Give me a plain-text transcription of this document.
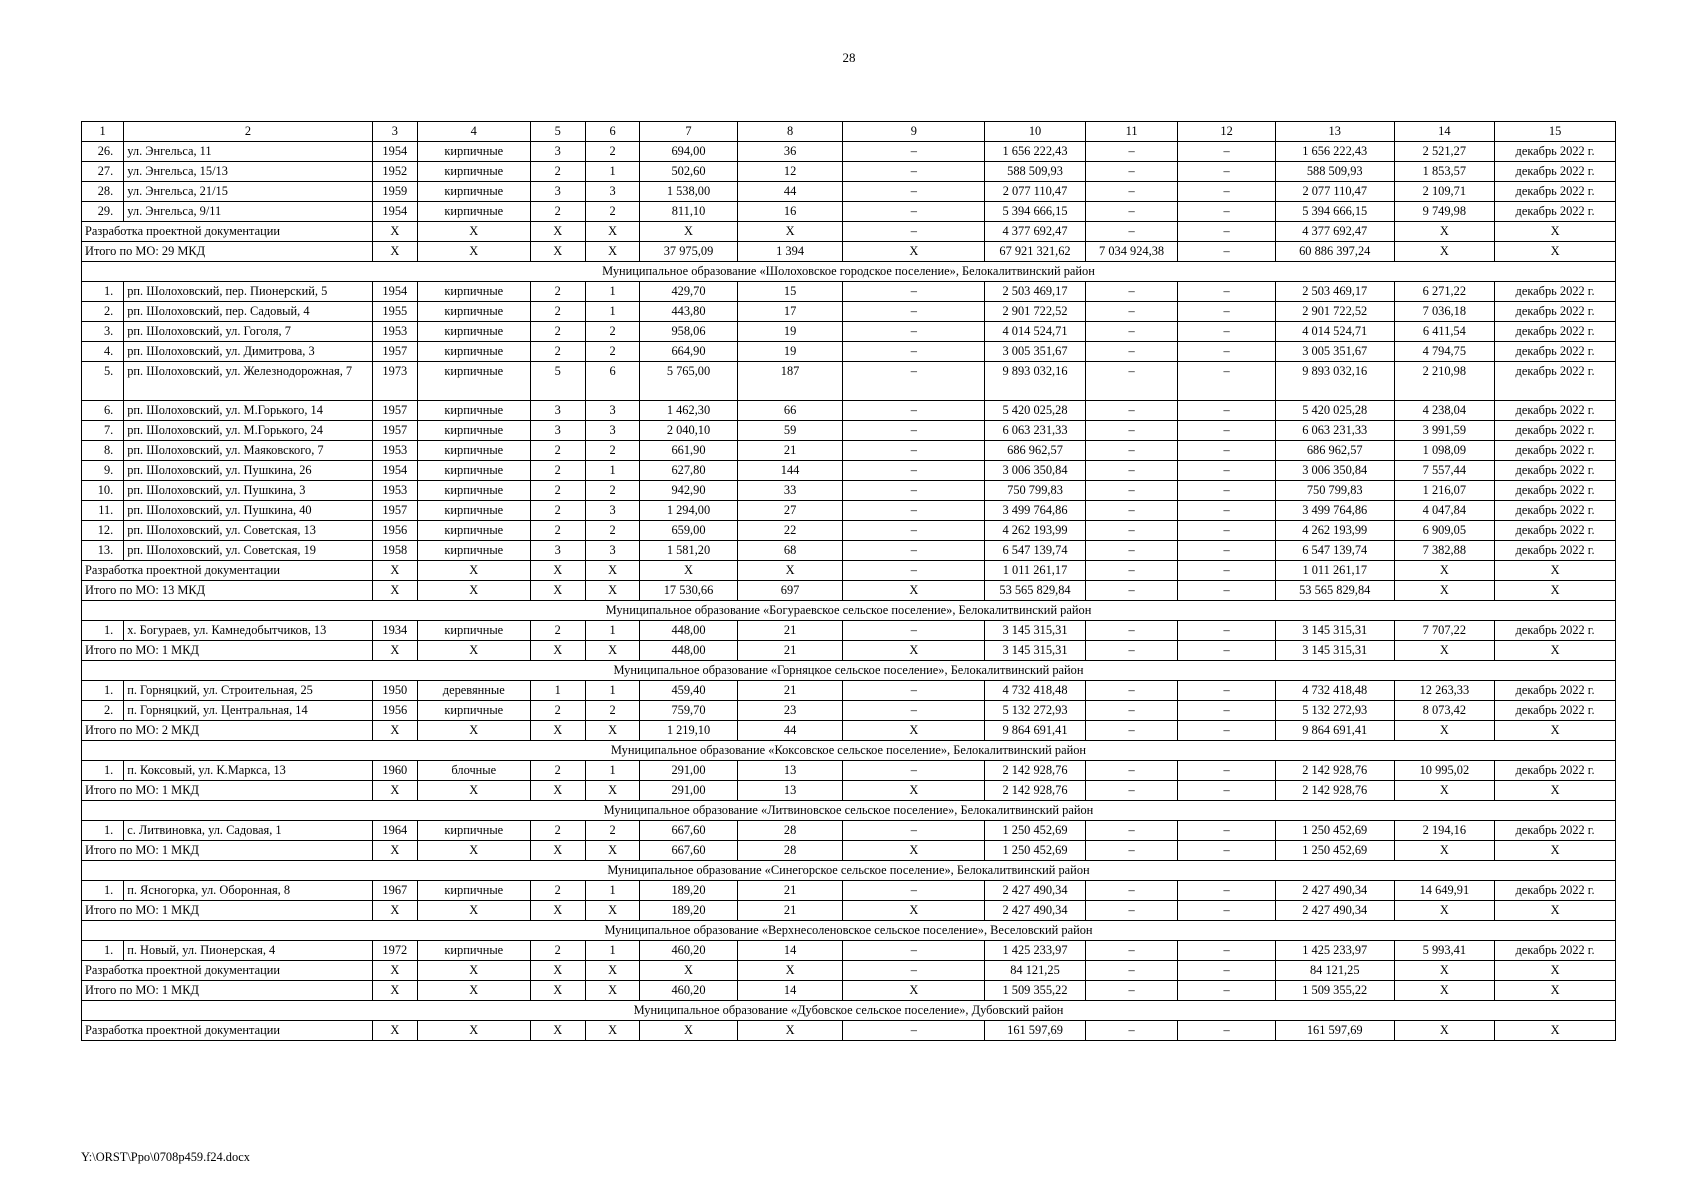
28
1	2	3	4	5	6	7	8	9	10	11	12	13	14	15
26.	ул. Энгельса, 11	1954	кирпичные	3	2	694,00	36	–	1 656 222,43	–	–	1 656 222,43	2 521,27	декабрь 2022 г.
27.	ул. Энгельса, 15/13	1952	кирпичные	2	1	502,60	12	–	588 509,93	–	–	588 509,93	1 853,57	декабрь 2022 г.
28.	ул. Энгельса, 21/15	1959	кирпичные	3	3	1 538,00	44	–	2 077 110,47	–	–	2 077 110,47	2 109,71	декабрь 2022 г.
29.	ул. Энгельса, 9/11	1954	кирпичные	2	2	811,10	16	–	5 394 666,15	–	–	5 394 666,15	9 749,98	декабрь 2022 г.
Разработка проектной документации		X	X	X	X	X	X	–	4 377 692,47	–	–	4 377 692,47	X	X
Итого по МО: 29 МКД		X	X	X	X	37 975,09	1 394	X	67 921 321,62	7 034 924,38	–	60 886 397,24	X	X
Муниципальное образование «Шолоховское городское поселение», Белокалитвинский район														
1.	рп. Шолоховский, пер. Пионерский, 5	1954	кирпичные	2	1	429,70	15	–	2 503 469,17	–	–	2 503 469,17	6 271,22	декабрь 2022 г.
2.	рп. Шолоховский, пер. Садовый, 4	1955	кирпичные	2	1	443,80	17	–	2 901 722,52	–	–	2 901 722,52	7 036,18	декабрь 2022 г.
3.	рп. Шолоховский, ул. Гоголя, 7	1953	кирпичные	2	2	958,06	19	–	4 014 524,71	–	–	4 014 524,71	6 411,54	декабрь 2022 г.
4.	рп. Шолоховский, ул. Димитрова, 3	1957	кирпичные	2	2	664,90	19	–	3 005 351,67	–	–	3 005 351,67	4 794,75	декабрь 2022 г.
5.	рп. Шолоховский, ул. Железнодорожная, 7	1973	кирпичные	5	6	5 765,00	187	–	9 893 032,16	–	–	9 893 032,16	2 210,98	декабрь 2022 г.
6.	рп. Шолоховский, ул. М.Горького, 14	1957	кирпичные	3	3	1 462,30	66	–	5 420 025,28	–	–	5 420 025,28	4 238,04	декабрь 2022 г.
7.	рп. Шолоховский, ул. М.Горького, 24	1957	кирпичные	3	3	2 040,10	59	–	6 063 231,33	–	–	6 063 231,33	3 991,59	декабрь 2022 г.
8.	рп. Шолоховский, ул. Маяковского, 7	1953	кирпичные	2	2	661,90	21	–	686 962,57	–	–	686 962,57	1 098,09	декабрь 2022 г.
9.	рп. Шолоховский, ул. Пушкина, 26	1954	кирпичные	2	1	627,80	144	–	3 006 350,84	–	–	3 006 350,84	7 557,44	декабрь 2022 г.
10.	рп. Шолоховский, ул. Пушкина, 3	1953	кирпичные	2	2	942,90	33	–	750 799,83	–	–	750 799,83	1 216,07	декабрь 2022 г.
11.	рп. Шолоховский, ул. Пушкина, 40	1957	кирпичные	2	3	1 294,00	27	–	3 499 764,86	–	–	3 499 764,86	4 047,84	декабрь 2022 г.
12.	рп. Шолоховский, ул. Советская, 13	1956	кирпичные	2	2	659,00	22	–	4 262 193,99	–	–	4 262 193,99	6 909,05	декабрь 2022 г.
13.	рп. Шолоховский, ул. Советская, 19	1958	кирпичные	3	3	1 581,20	68	–	6 547 139,74	–	–	6 547 139,74	7 382,88	декабрь 2022 г.
Разработка проектной документации		X	X	X	X	X	X	–	1 011 261,17	–	–	1 011 261,17	X	X
Итого по МО: 13 МКД		X	X	X	X	17 530,66	697	X	53 565 829,84	–	–	53 565 829,84	X	X
Муниципальное образование «Богураевское сельское поселение», Белокалитвинский район														
1.	х. Богураев, ул. Камнедобытчиков, 13	1934	кирпичные	2	1	448,00	21	–	3 145 315,31	–	–	3 145 315,31	7 707,22	декабрь 2022 г.
Итого по МО: 1 МКД		X	X	X	X	448,00	21	X	3 145 315,31	–	–	3 145 315,31	X	X
Муниципальное образование «Горняцкое сельское поселение», Белокалитвинский район														
1.	п. Горняцкий, ул. Строительная, 25	1950	деревянные	1	1	459,40	21	–	4 732 418,48	–	–	4 732 418,48	12 263,33	декабрь 2022 г.
2.	п. Горняцкий, ул. Центральная, 14	1956	кирпичные	2	2	759,70	23	–	5 132 272,93	–	–	5 132 272,93	8 073,42	декабрь 2022 г.
Итого по МО: 2 МКД		X	X	X	X	1 219,10	44	X	9 864 691,41	–	–	9 864 691,41	X	X
Муниципальное образование «Коксовское сельское поселение», Белокалитвинский район														
1.	п. Коксовый, ул. К.Маркса, 13	1960	блочные	2	1	291,00	13	–	2 142 928,76	–	–	2 142 928,76	10 995,02	декабрь 2022 г.
Итого по МО: 1 МКД		X	X	X	X	291,00	13	X	2 142 928,76	–	–	2 142 928,76	X	X
Муниципальное образование «Литвиновское сельское поселение», Белокалитвинский район														
1.	с. Литвиновка, ул. Садовая, 1	1964	кирпичные	2	2	667,60	28	–	1 250 452,69	–	–	1 250 452,69	2 194,16	декабрь 2022 г.
Итого по МО: 1 МКД		X	X	X	X	667,60	28	X	1 250 452,69	–	–	1 250 452,69	X	X
Муниципальное образование «Синегорское сельское поселение», Белокалитвинский район														
1.	п. Ясногорка, ул. Оборонная, 8	1967	кирпичные	2	1	189,20	21	–	2 427 490,34	–	–	2 427 490,34	14 649,91	декабрь 2022 г.
Итого по МО: 1 МКД		X	X	X	X	189,20	21	X	2 427 490,34	–	–	2 427 490,34	X	X
Муниципальное образование «Верхнесоленовское сельское поселение», Веселовский район														
1.	п. Новый, ул. Пионерская, 4	1972	кирпичные	2	1	460,20	14	–	1 425 233,97	–	–	1 425 233,97	5 993,41	декабрь 2022 г.
Разработка проектной документации		X	X	X	X	X	X	–	84 121,25	–	–	84 121,25	X	X
Итого по МО: 1 МКД		X	X	X	X	460,20	14	X	1 509 355,22	–	–	1 509 355,22	X	X
Муниципальное образование «Дубовское сельское поселение», Дубовский район														
Разработка проектной документации		X	X	X	X	X	X	–	161 597,69	–	–	161 597,69	X	X
Y:\ORST\Ppo\0708p459.f24.docx
